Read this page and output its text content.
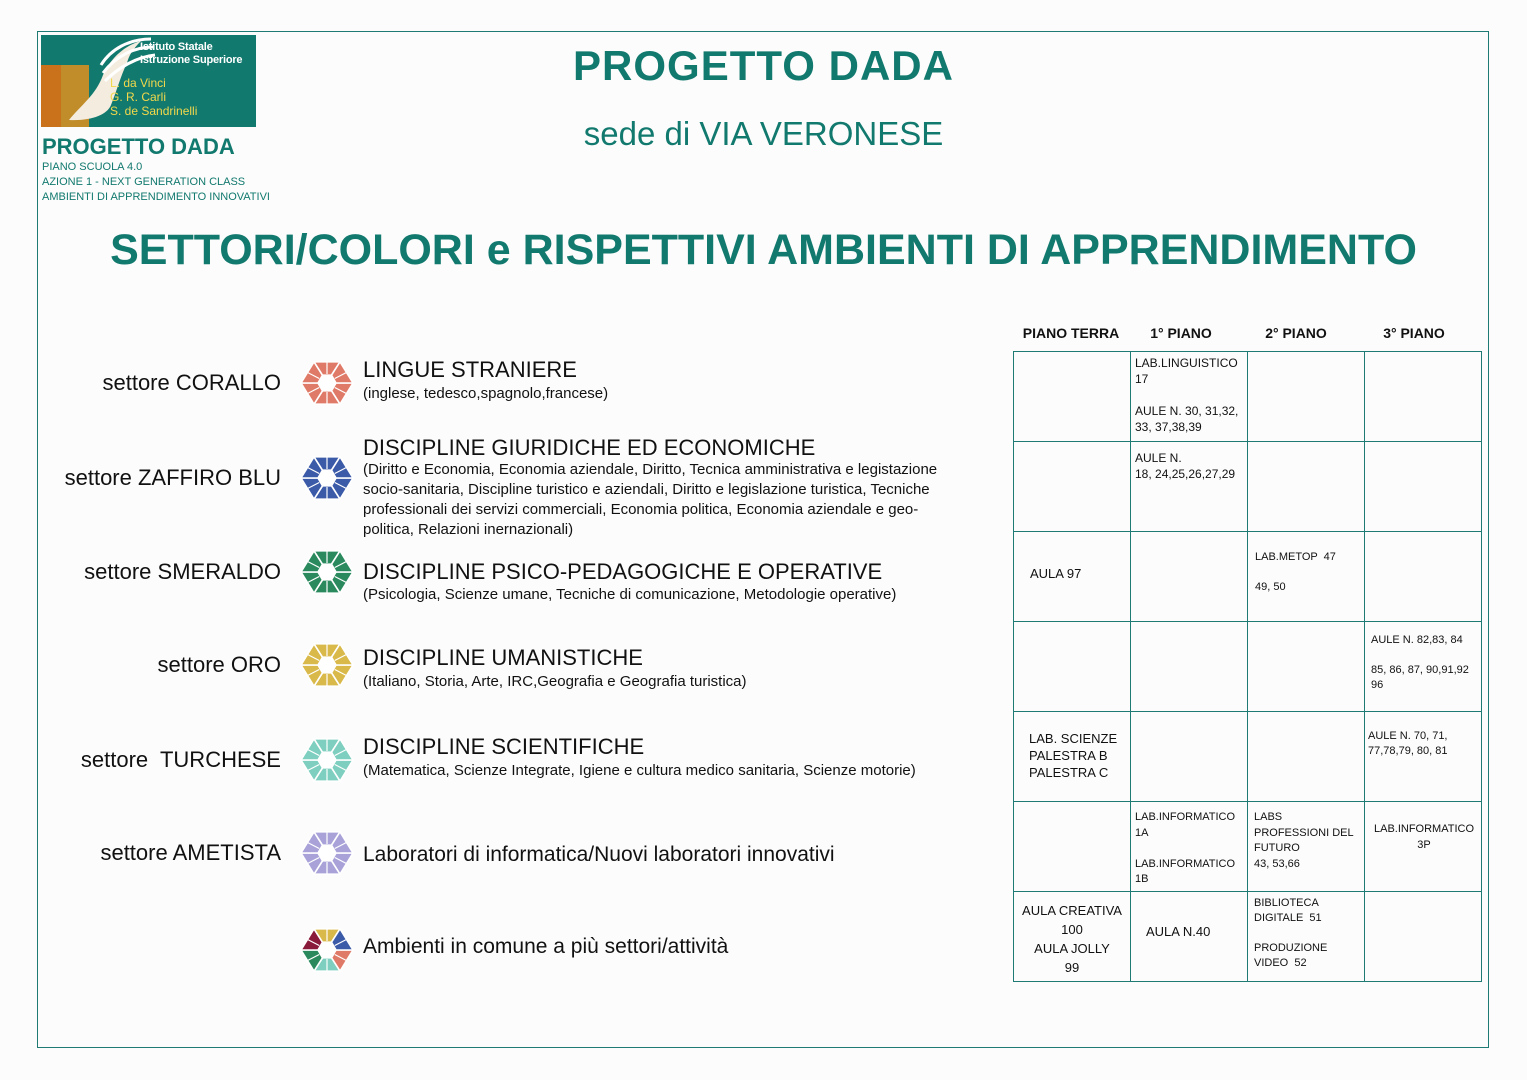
Istituto Statale
Istruzione Superiore
L. da Vinci
G. R. Carli
S. de Sandrinelli
PROGETTO DADA
PIANO SCUOLA 4.0
AZIONE 1 - NEXT GENERATION CLASS
AMBIENTI DI APPRENDIMENTO INNOVATIVI
PROGETTO DADA
sede di VIA VERONESE
SETTORI/COLORI e RISPETTIVI AMBIENTI DI APPRENDIMENTO
settore CORALLO
LINGUE STRANIERE
(inglese, tedesco,spagnolo,francese)
settore ZAFFIRO BLU
DISCIPLINE GIURIDICHE ED ECONOMICHE
(Diritto e Economia, Economia aziendale, Diritto, Tecnica amministrativa e legistazione socio-sanitaria, Discipline turistico e aziendali, Diritto e legislazione turistica, Tecniche professionali dei servizi commerciali, Economia politica, Economia aziendale e geo-politica, Relazioni inernazionali)
settore SMERALDO	DISCIPLINE PSICO-PEDAGOGICHE E OPERATIVE
(Psicologia, Scienze umane, Tecniche di comunicazione, Metodologie operative)
settore ORO	DISCIPLINE UMANISTICHE
(Italiano, Storia, Arte, IRC,Geografia e Geografia turistica)
settore  TURCHESE
DISCIPLINE SCIENTIFICHE
(Matematica, Scienze Integrate, Igiene e cultura medico sanitaria, Scienze motorie)
settore AMETISTA	Laboratori di informatica/Nuovi laboratori innovativi
Ambienti in comune a più settori/attività
PIANO TERRA	1° PIANO	2° PIANO	3° PIANO

	LAB.LINGUISTICO
17

AULE N. 30, 31,32,
33, 37,38,39		

	AULE N.
18, 24,25,26,27,29		

AULA 97		LAB.METOP  47

49, 50	

			AULE N. 82,83, 84

85, 86, 87, 90,91,92
96

LAB. SCIENZE
PALESTRA B
PALESTRA C			AULE N. 70, 71,
77,78,79, 80, 81

	LAB.INFORMATICO
1A

LAB.INFORMATICO
1B	LABS
PROFESSIONI DEL
FUTURO
43, 53,66	LAB.INFORMATICO
3P

AULA CREATIVA
100
AULA JOLLY
99	AULA N.40	BIBLIOTECA
DIGITALE  51

PRODUZIONE
VIDEO  52	
